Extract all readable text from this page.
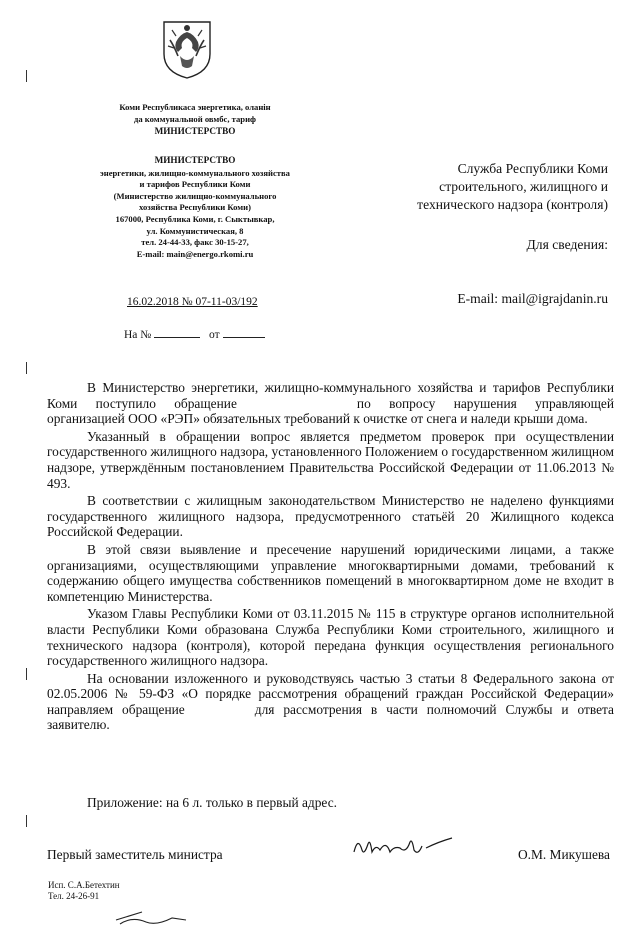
Коми Республикаса энергетика, оланiн
да коммунальной овмбс, тариф
МИНИСТЕРСТВО
МИНИСТЕРСТВО
энергетики, жилищно-коммунального хозяйства
и тарифов Республики Коми
(Министерство жилищно-коммунального
хозяйства Республики Коми)
167000, Республика Коми, г. Сыктывкар,
ул. Коммунистическая, 8
тел. 24-44-33, факс 30-15-27,
E-mail: main@energo.rkomi.ru
16.02.2018 № 07-11-03/192
На №	от
Служба Республики Коми
строительного, жилищного и
технического надзора (контроля)
Для сведения:
E-mail: mail@igrajdanin.ru
В Министерство энергетики, жилищно-коммунального хозяйства и тарифов Республики Коми поступило обращение	по вопросу нарушения управляющей организацией ООО «РЭП» обязательных требований к очистке от снега и наледи крыши дома.
Указанный в обращении вопрос является предметом проверок при осуществлении государственного жилищного надзора, установленного Положением о государственном жилищном надзоре, утверждённым постановлением Правительства Российской Федерации от 11.06.2013 № 493.
В соответствии с жилищным законодательством Министерство не наделено функциями государственного жилищного надзора, предусмотренного статьёй 20 Жилищного кодекса Российской Федерации.
В этой связи выявление и пресечение нарушений юридическими лицами, а также организациями, осуществляющими управление многоквартирными домами, требований к содержанию общего имущества собственников помещений в многоквартирном доме не входит в компетенцию Министерства.
Указом Главы Республики Коми от 03.11.2015 № 115 в структуре органов исполнительной власти Республики Коми образована Служба Республики Коми строительного, жилищного и технического надзора (контроля), которой передана функция осуществления регионального государственного жилищного надзора.
На основании изложенного и руководствуясь частью 3 статьи 8 Федерального закона от 02.05.2006 № 59-ФЗ «О порядке рассмотрения обращений граждан Российской Федерации» направляем обращение	для рассмотрения в части полномочий Службы и ответа заявителю.
Приложение: на 6 л. только в первый адрес.
Первый заместитель министра	О.М. Микушева
Исп. С.А.Бетехтин
Тел. 24-26-91
